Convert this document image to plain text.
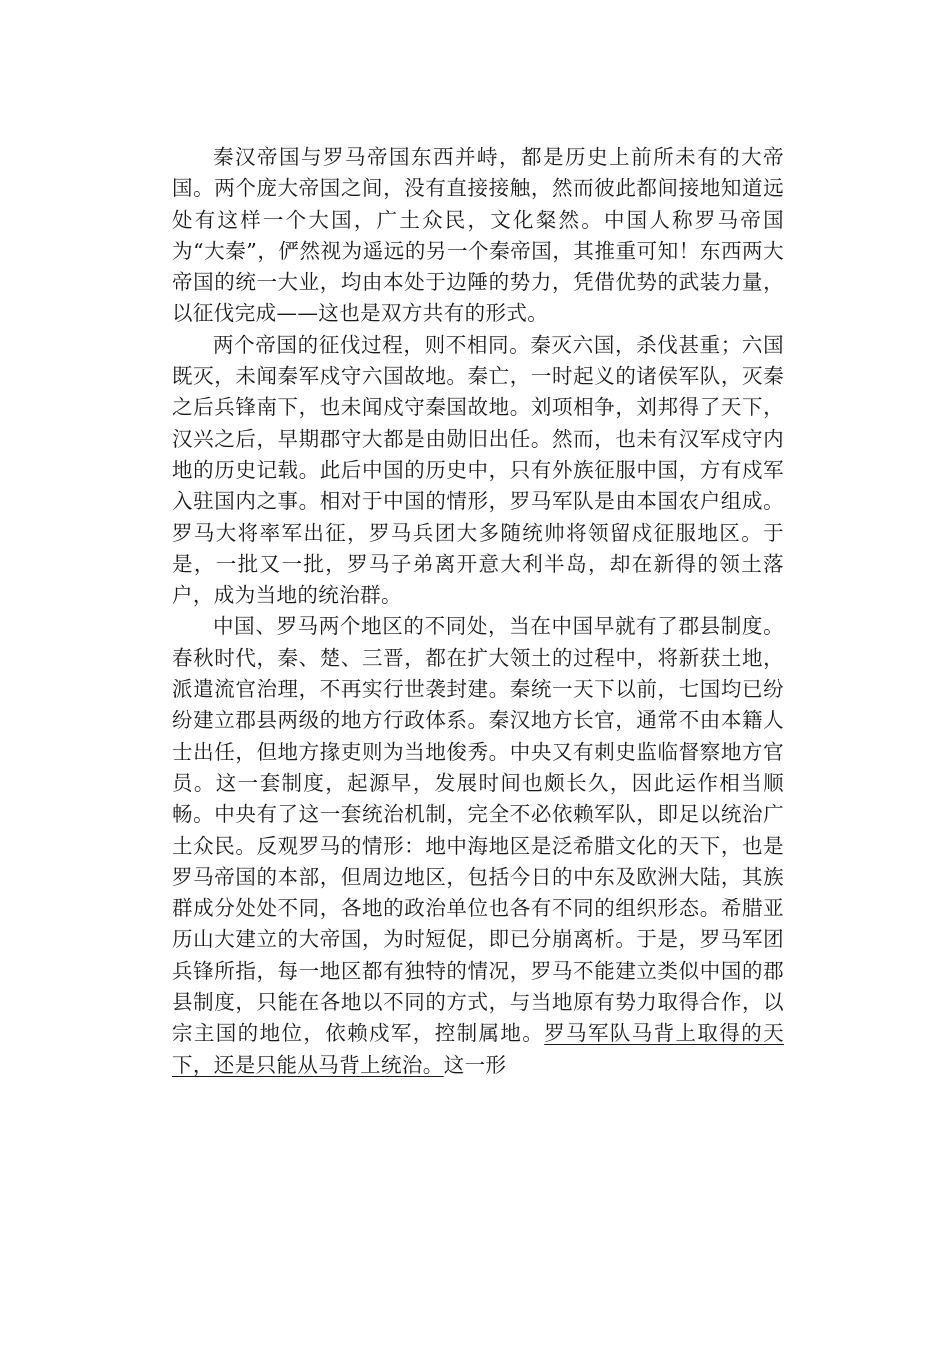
秦汉帝国与罗马帝国东西并峙，都是历史上前所未有的大帝国。两个庞大帝国之间，没有直接接触，然而彼此都间接地知道远处有这样一个大国，广土众民，文化粲然。中国人称罗马帝国为“大秦”，俨然视为遥远的另一个秦帝国，其推重可知！东西两大帝国的统一大业，均由本处于边陲的势力，凭借优势的武装力量，以征伐完成——这也是双方共有的形式。

两个帝国的征伐过程，则不相同。秦灭六国，杀伐甚重；六国既灭，未闻秦军戍守六国故地。秦亡，一时起义的诸侯军队，灭秦之后兵锋南下，也未闻戍守秦国故地。刘项相争，刘邦得了天下，汉兴之后，早期郡守大都是由勋旧出任。然而，也未有汉军戍守内地的历史记载。此后中国的历史中，只有外族征服中国，方有戍军入驻国内之事。相对于中国的情形，罗马军队是由本国农户组成。罗马大将率军出征，罗马兵团大多随统帅将领留戍征服地区。于是，一批又一批，罗马子弟离开意大利半岛，却在新得的领土落户，成为当地的统治群。

中国、罗马两个地区的不同处，当在中国早就有了郡县制度。春秋时代，秦、楚、三晋，都在扩大领土的过程中，将新获土地，派遣流官治理，不再实行世袭封建。秦统一天下以前，七国均已纷纷建立郡县两级的地方行政体系。秦汉地方长官，通常不由本籍人士出任，但地方掾吏则为当地俊秀。中央又有刺史监临督察地方官员。这一套制度，起源早，发展时间也颇长久，因此运作相当顺畅。中央有了这一套统治机制，完全不必依赖军队，即足以统治广土众民。反观罗马的情形：地中海地区是泛希腊文化的天下，也是罗马帝国的本部，但周边地区，包括今日的中东及欧洲大陆，其族群成分处处不同，各地的政治单位也各有不同的组织形态。希腊亚历山大建立的大帝国，为时短促，即已分崩离析。于是，罗马军团兵锋所指，每一地区都有独特的情况，罗马不能建立类似中国的郡县制度，只能在各地以不同的方式，与当地原有势力取得合作，以宗主国的地位，依赖戍军，控制属地。罗马军队马背上取得的天下，还是只能从马背上统治。这一形
